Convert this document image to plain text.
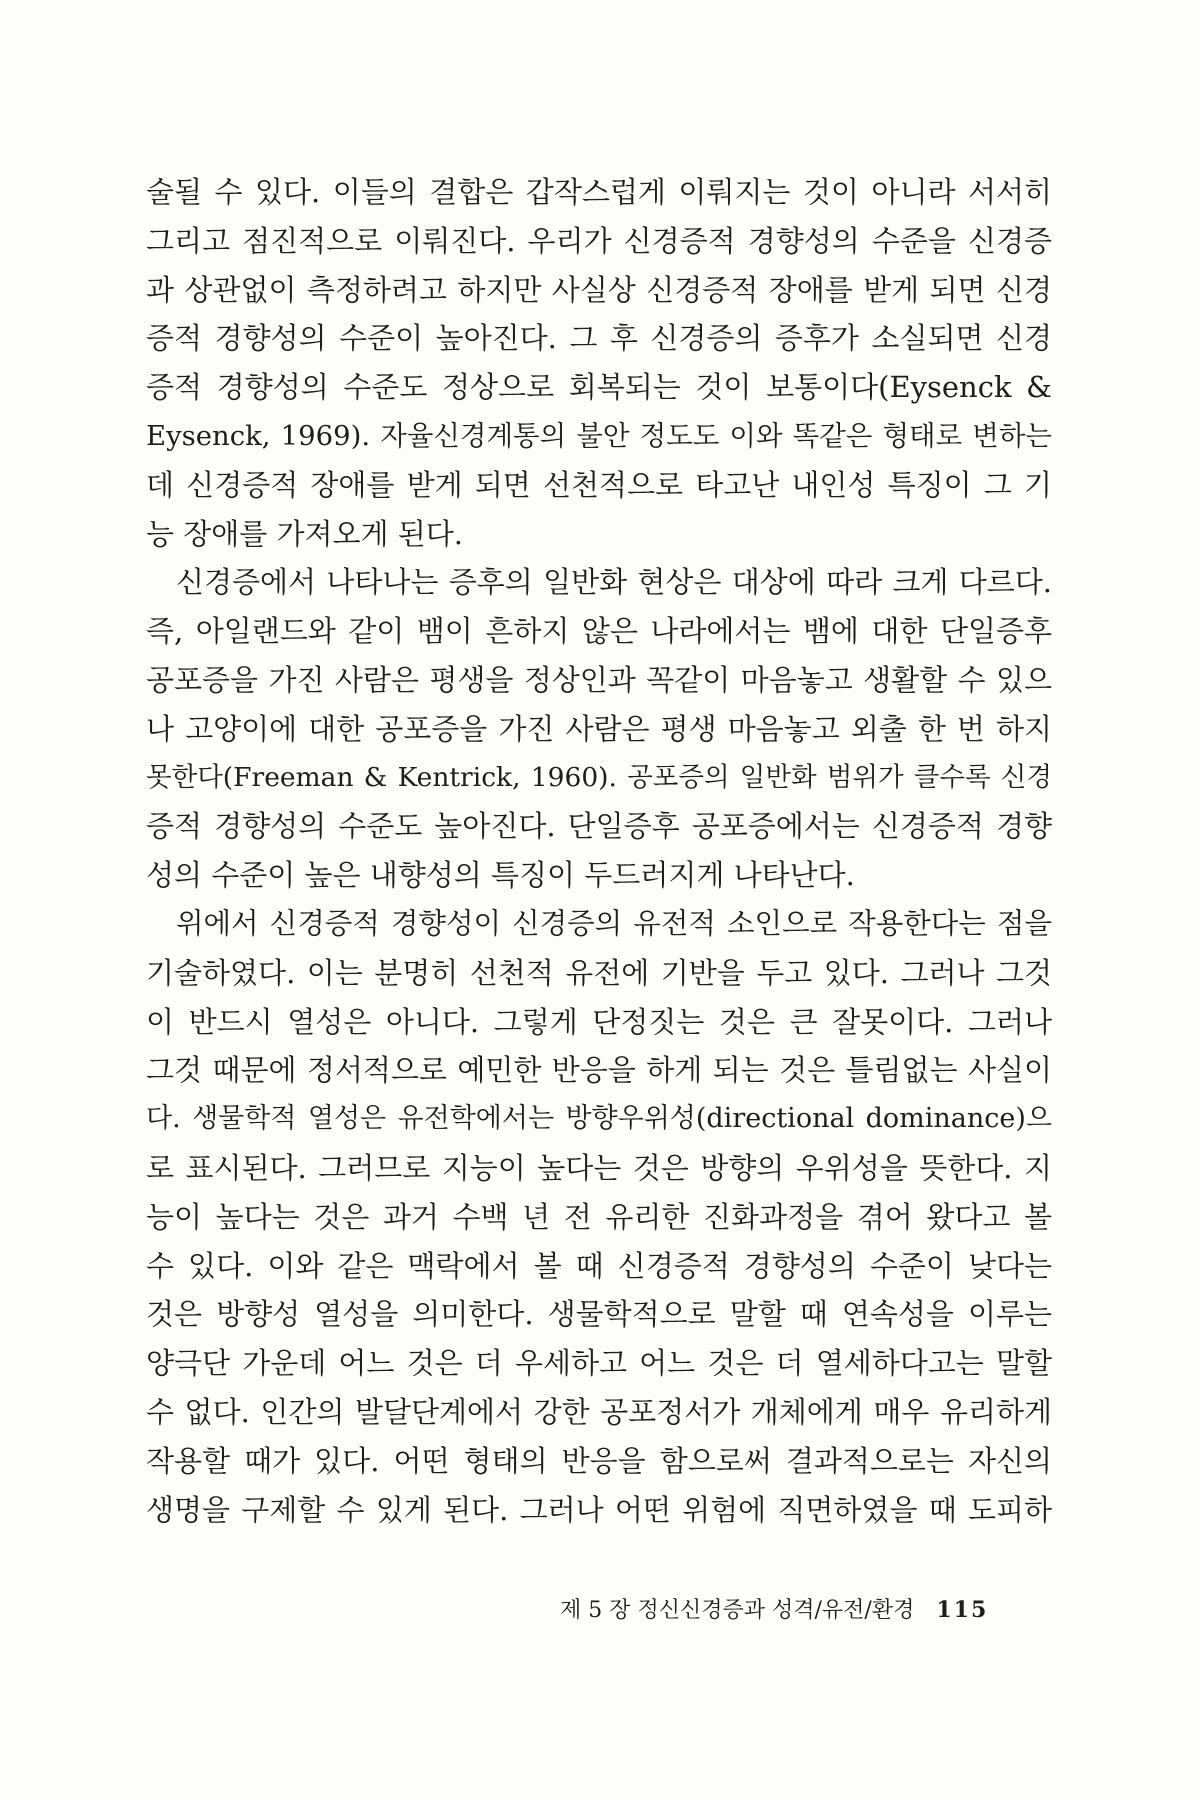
술될 수 있다. 이들의 결합은 갑작스럽게 이뤄지는 것이 아니라 서서히
그리고 점진적으로 이뤄진다. 우리가 신경증적 경향성의 수준을 신경증
과 상관없이 측정하려고 하지만 사실상 신경증적 장애를 받게 되면 신경
증적 경향성의 수준이 높아진다. 그 후 신경증의 증후가 소실되면 신경
증적 경향성의 수준도 정상으로 회복되는 것이 보통이다(Eysenck &
Eysenck, 1969). 자율신경계통의 불안 정도도 이와 똑같은 형태로 변하는
데 신경증적 장애를 받게 되면 선천적으로 타고난 내인성 특징이 그 기
능 장애를 가져오게 된다.
신경증에서 나타나는 증후의 일반화 현상은 대상에 따라 크게 다르다.
즉, 아일랜드와 같이 뱀이 흔하지 않은 나라에서는 뱀에 대한 단일증후
공포증을 가진 사람은 평생을 정상인과 꼭같이 마음놓고 생활할 수 있으
나 고양이에 대한 공포증을 가진 사람은 평생 마음놓고 외출 한 번 하지
못한다(Freeman & Kentrick, 1960). 공포증의 일반화 범위가 클수록 신경
증적 경향성의 수준도 높아진다. 단일증후 공포증에서는 신경증적 경향
성의 수준이 높은 내향성의 특징이 두드러지게 나타난다.
위에서 신경증적 경향성이 신경증의 유전적 소인으로 작용한다는 점을
기술하였다. 이는 분명히 선천적 유전에 기반을 두고 있다. 그러나 그것
이 반드시 열성은 아니다. 그렇게 단정짓는 것은 큰 잘못이다. 그러나
그것 때문에 정서적으로 예민한 반응을 하게 되는 것은 틀림없는 사실이
다. 생물학적 열성은 유전학에서는 방향우위성(directional dominance)으
로 표시된다. 그러므로 지능이 높다는 것은 방향의 우위성을 뜻한다. 지
능이 높다는 것은 과거 수백 년 전 유리한 진화과정을 겪어 왔다고 볼
수 있다. 이와 같은 맥락에서 볼 때 신경증적 경향성의 수준이 낮다는
것은 방향성 열성을 의미한다. 생물학적으로 말할 때 연속성을 이루는
양극단 가운데 어느 것은 더 우세하고 어느 것은 더 열세하다고는 말할
수 없다. 인간의 발달단계에서 강한 공포정서가 개체에게 매우 유리하게
작용할 때가 있다. 어떤 형태의 반응을 함으로써 결과적으로는 자신의
생명을 구제할 수 있게 된다. 그러나 어떤 위험에 직면하였을 때 도피하
제 5 장 정신신경증과 성격/유전/환경 115
